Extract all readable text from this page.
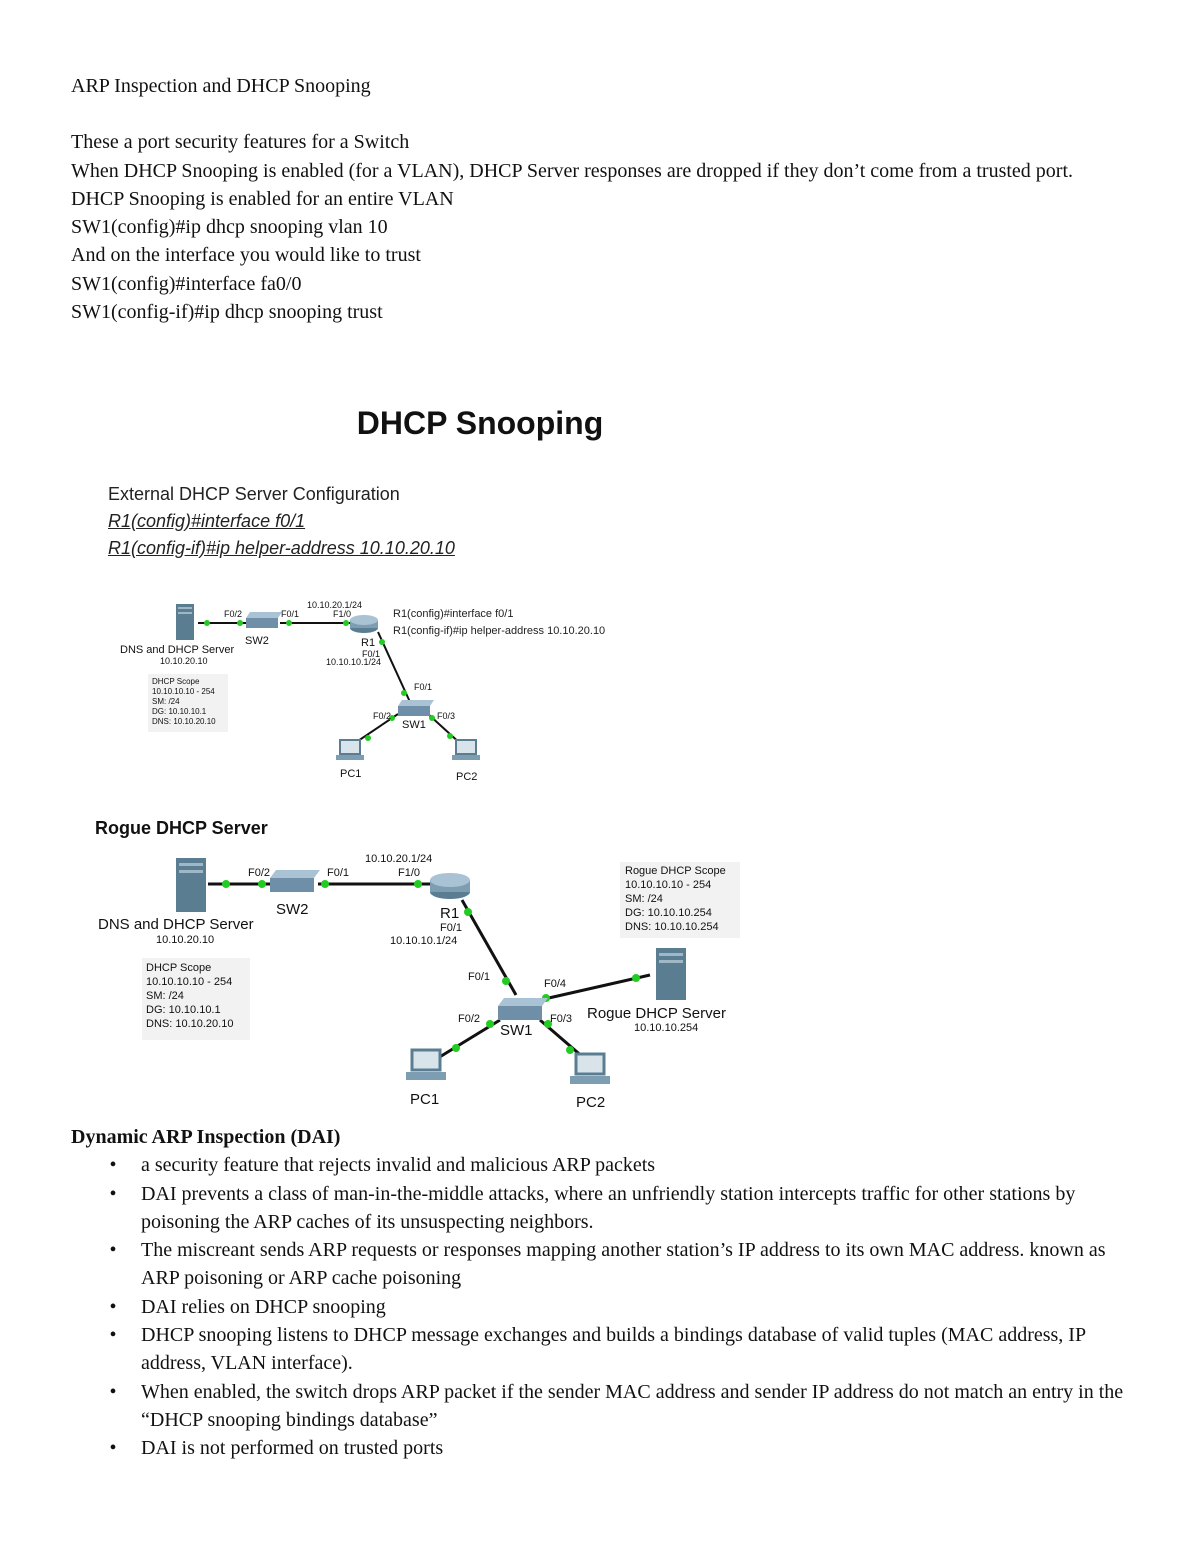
ARP Inspection and DHCP Snooping

These a port security features for a Switch

When DHCP Snooping is enabled (for a VLAN), DHCP Server responses are dropped if they don’t come from a trusted port.

DHCP Snooping is enabled for an entire VLAN

SW1(config)#ip dhcp snooping vlan 10

And on the interface you would like to trust

SW1(config)#interface fa0/0

SW1(config-if)#ip dhcp snooping trust

DHCP Snooping
External DHCP Server Configuration
R1(config)#interface f0/1
R1(config-if)#ip helper-address 10.10.20.10
F0/2	F0/1
10.10.20.1/24
F1/0
F0/1
10.10.10.1/24
F0/1
F0/2	F0/3
SW2	R1
SW1
PC1	PC2
DNS and DHCP Server
10.10.20.10
R1(config)#interface f0/1
R1(config-if)#ip helper-address 10.10.20.10
DHCP Scope
10.10.10.10 - 254
SM: /24
DG: 10.10.10.1
DNS: 10.10.20.10
Rogue DHCP Server
F0/2	F0/1
10.10.20.1/24
F1/0
F0/1
10.10.10.1/24
F0/1
F0/4
F0/2	F0/3
10.10.20.10
10.10.10.254
SW2	R1
SW1
PC1	PC2
DNS and DHCP Server
Rogue DHCP Server
DHCP Scope
10.10.10.10 - 254
SM: /24
DG: 10.10.10.1
DNS: 10.10.20.10
Rogue DHCP Scope
10.10.10.10 - 254
SM: /24
DG: 10.10.10.254
DNS: 10.10.10.254
Dynamic ARP Inspection (DAI)
• a security feature that rejects invalid and malicious ARP packets
• DAI prevents a class of man-in-the-middle attacks, where an unfriendly station intercepts traffic for other stations by poisoning the ARP caches of its unsuspecting neighbors.
• The miscreant sends ARP requests or responses mapping another station’s IP address to its own MAC address. known as ARP poisoning or ARP cache poisoning
• DAI relies on DHCP snooping
• DHCP snooping listens to DHCP message exchanges and builds a bindings database of valid tuples (MAC address, IP address, VLAN interface).
• When enabled, the switch drops ARP packet if the sender MAC address and sender IP address do not match an entry in the “DHCP snooping bindings database”
• DAI is not performed on trusted ports
